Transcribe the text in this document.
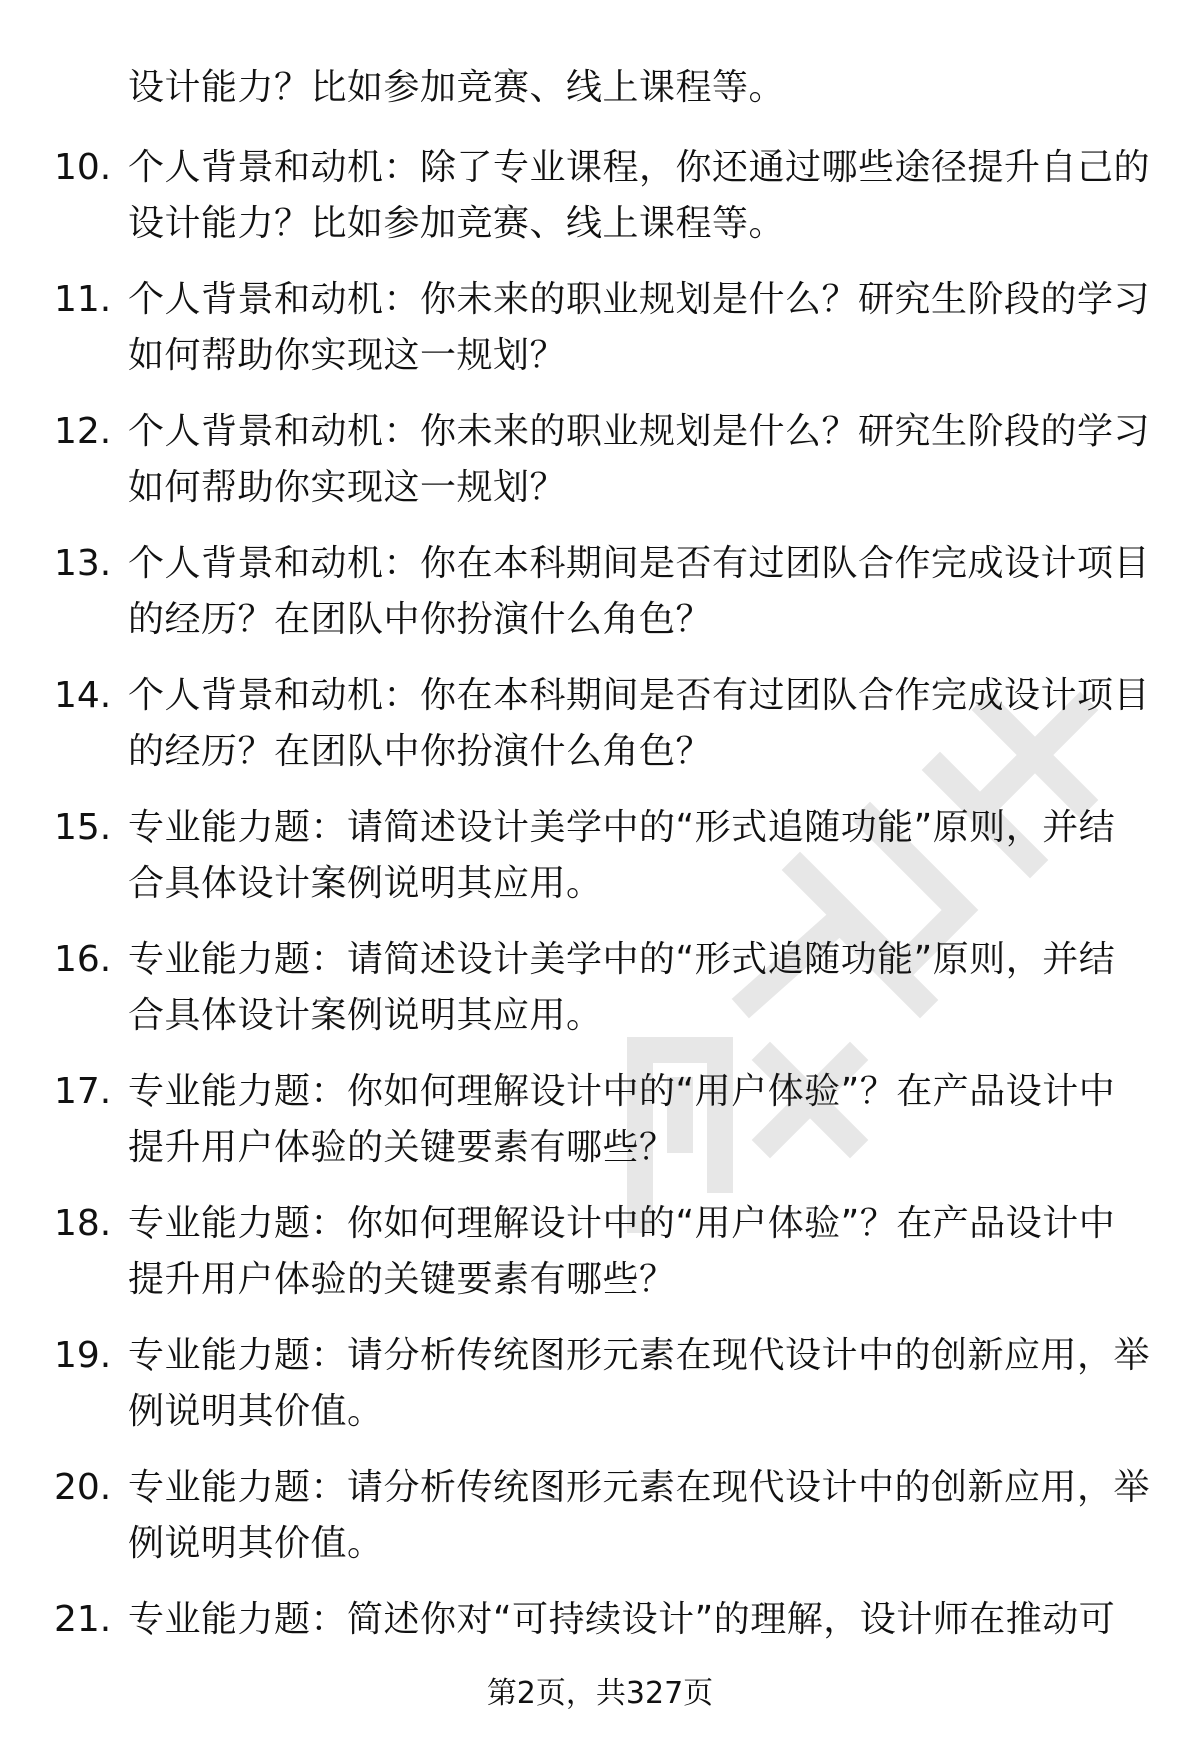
设计能力？比如参加竞赛、线上课程等。
10. 个人背景和动机：除了专业课程，你还通过哪些途径提升自己的
设计能力？比如参加竞赛、线上课程等。
11. 个人背景和动机：你未来的职业规划是什么？研究生阶段的学习
如何帮助你实现这一规划？
12. 个人背景和动机：你未来的职业规划是什么？研究生阶段的学习
如何帮助你实现这一规划？
13. 个人背景和动机：你在本科期间是否有过团队合作完成设计项目
的经历？在团队中你扮演什么角色？
14. 个人背景和动机：你在本科期间是否有过团队合作完成设计项目
的经历？在团队中你扮演什么角色？
15. 专业能力题：请简述设计美学中的“形式追随功能”原则，并结
合具体设计案例说明其应用。
16. 专业能力题：请简述设计美学中的“形式追随功能”原则，并结
合具体设计案例说明其应用。
17. 专业能力题：你如何理解设计中的“用户体验”？在产品设计中
提升用户体验的关键要素有哪些？
18. 专业能力题：你如何理解设计中的“用户体验”？在产品设计中
提升用户体验的关键要素有哪些？
19. 专业能力题：请分析传统图形元素在现代设计中的创新应用，举
例说明其价值。
20. 专业能力题：请分析传统图形元素在现代设计中的创新应用，举
例说明其价值。
21. 专业能力题：简述你对“可持续设计”的理解，设计师在推动可
第2页，共327页
